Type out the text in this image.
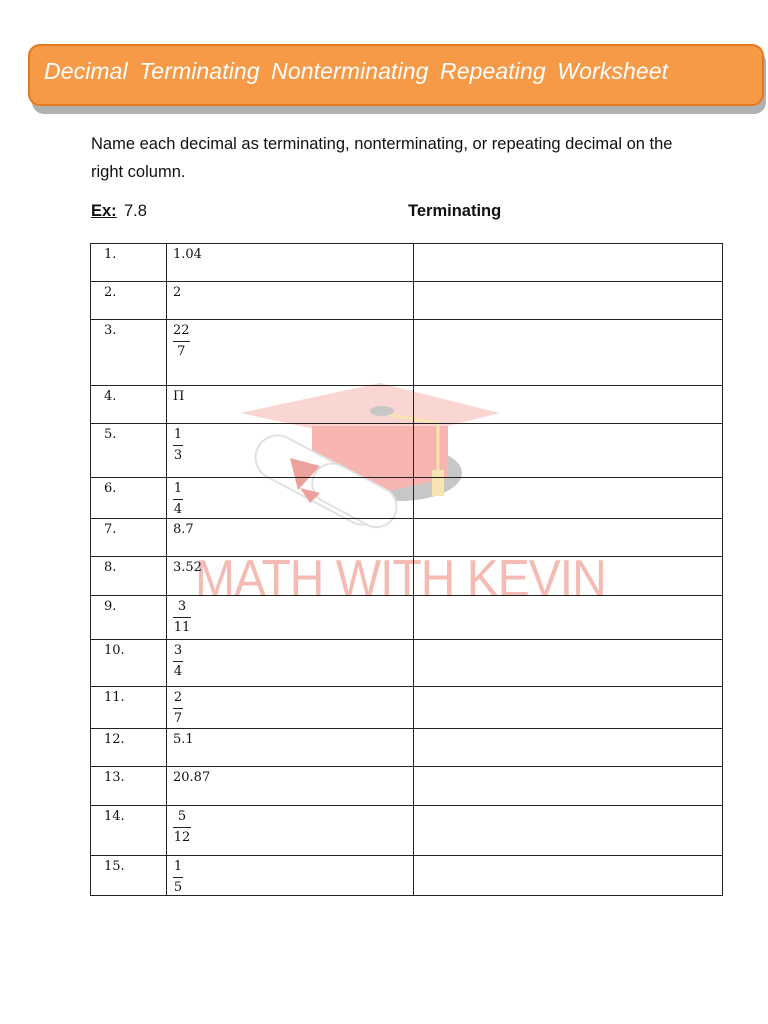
Decimal Terminating Nonterminating Repeating Worksheet
Name each decimal as terminating, nonterminating, or repeating decimal on the right column.
Ex: 7.8	Terminating
MATH WITH KEVIN
1.	1.04	
2.	2	
3.	$\frac{22}{7}$

4.	Π	
5.	$\frac{1}{3}$

6.	$\frac{1}{4}$

7.	8.7	
8.	3.52	
9.	$\frac{3}{11}$

10.	$\frac{3}{4}$

11.	$\frac{2}{7}$

12.	5.1	
13.	20.87	
14.	$\frac{5}{12}$

15.	$\frac{1}{5}$
